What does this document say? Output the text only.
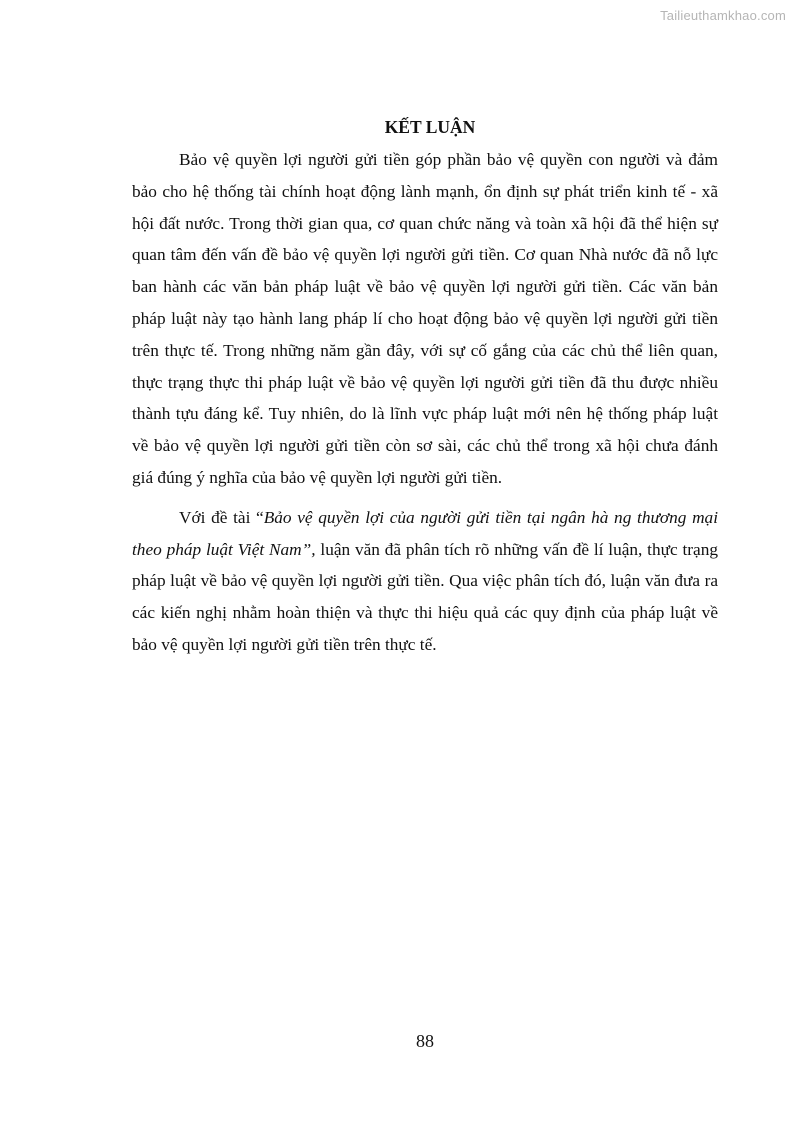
Tailieuthamkhao.com
KẾT LUẬN

Bảo vệ quyền lợi người gửi tiền góp phần bảo vệ quyền con người và đảm bảo cho hệ thống tài chính hoạt động lành mạnh, ổn định sự phát triển kinh tế - xã hội đất nước. Trong thời gian qua, cơ quan chức năng và toàn xã hội đã thể hiện sự quan tâm đến vấn đề bảo vệ quyền lợi người gửi tiền. Cơ quan Nhà nước đã nỗ lực ban hành các văn bản pháp luật về bảo vệ quyền lợi người gửi tiền. Các văn bản pháp luật này tạo hành lang pháp lí cho hoạt động bảo vệ quyền lợi người gửi tiền trên thực tế. Trong những năm gần đây, với sự cố gắng của các chủ thể liên quan, thực trạng thực thi pháp luật về bảo vệ quyền lợi người gửi tiền đã thu được nhiều thành tựu đáng kể. Tuy nhiên, do là lĩnh vực pháp luật mới nên hệ thống pháp luật về bảo vệ quyền lợi người gửi tiền còn sơ sài, các chủ thể trong xã hội chưa đánh giá đúng ý nghĩa của bảo vệ quyền lợi người gửi tiền.

Với đề tài “Bảo vệ quyền lợi của người gửi tiền tại ngân hà ng thương mại theo pháp luật Việt Nam”, luận văn đã phân tích rõ những vấn đề lí luận, thực trạng pháp luật về bảo vệ quyền lợi người gửi tiền. Qua việc phân tích đó, luận văn đưa ra các kiến nghị nhằm hoàn thiện và thực thi hiệu quả các quy định của pháp luật về bảo vệ quyền lợi người gửi tiền trên thực tế.

88
